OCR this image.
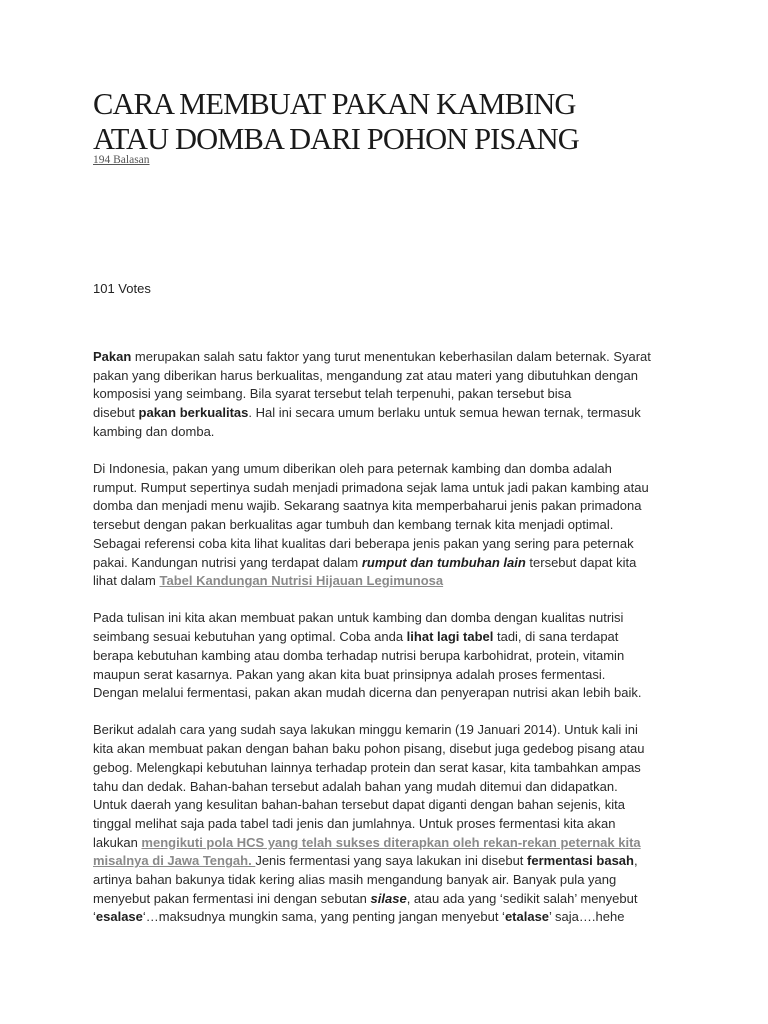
CARA MEMBUAT PAKAN KAMBING
ATAU DOMBA DARI POHON PISANG
194 Balasan
101 Votes

Pakan merupakan salah satu faktor yang turut menentukan keberhasilan dalam beternak. Syarat
pakan yang diberikan harus berkualitas, mengandung zat atau materi yang dibutuhkan dengan
komposisi yang seimbang. Bila syarat tersebut telah terpenuhi, pakan tersebut bisa
disebut pakan berkualitas. Hal ini secara umum berlaku untuk semua hewan ternak, termasuk
kambing dan domba.

Di Indonesia, pakan yang umum diberikan oleh para peternak kambing dan domba adalah
rumput. Rumput sepertinya sudah menjadi primadona sejak lama untuk jadi pakan kambing atau
domba dan menjadi menu wajib. Sekarang saatnya kita memperbaharui jenis pakan primadona
tersebut dengan pakan berkualitas agar tumbuh dan kembang ternak kita menjadi optimal.
Sebagai referensi coba kita lihat kualitas dari beberapa jenis pakan yang sering para peternak
pakai. Kandungan nutrisi yang terdapat dalam rumput dan tumbuhan lain tersebut dapat kita
lihat dalam Tabel Kandungan Nutrisi Hijauan Legimunosa

Pada tulisan ini kita akan membuat pakan untuk kambing dan domba dengan kualitas nutrisi
seimbang sesuai kebutuhan yang optimal. Coba anda lihat lagi tabel tadi, di sana terdapat
berapa kebutuhan kambing atau domba terhadap nutrisi berupa karbohidrat, protein, vitamin
maupun serat kasarnya. Pakan yang akan kita buat prinsipnya adalah proses fermentasi.
Dengan melalui fermentasi, pakan akan mudah dicerna dan penyerapan nutrisi akan lebih baik.

Berikut adalah cara yang sudah saya lakukan minggu kemarin (19 Januari 2014). Untuk kali ini
kita akan membuat pakan dengan bahan baku pohon pisang, disebut juga gedebog pisang atau
gebog. Melengkapi kebutuhan lainnya terhadap protein dan serat kasar, kita tambahkan ampas
tahu dan dedak. Bahan-bahan tersebut adalah bahan yang mudah ditemui dan didapatkan.
Untuk daerah yang kesulitan bahan-bahan tersebut dapat diganti dengan bahan sejenis, kita
tinggal melihat saja pada tabel tadi jenis dan jumlahnya. Untuk proses fermentasi kita akan
lakukan mengikuti pola HCS yang telah sukses diterapkan oleh rekan-rekan peternak kita
misalnya di Jawa Tengah. Jenis fermentasi yang saya lakukan ini disebut fermentasi basah,
artinya bahan bakunya tidak kering alias masih mengandung banyak air. Banyak pula yang
menyebut pakan fermentasi ini dengan sebutan silase, atau ada yang ‘sedikit salah’ menyebut
‘esalase‘…maksudnya mungkin sama, yang penting jangan menyebut ‘etalase’ saja….hehe
